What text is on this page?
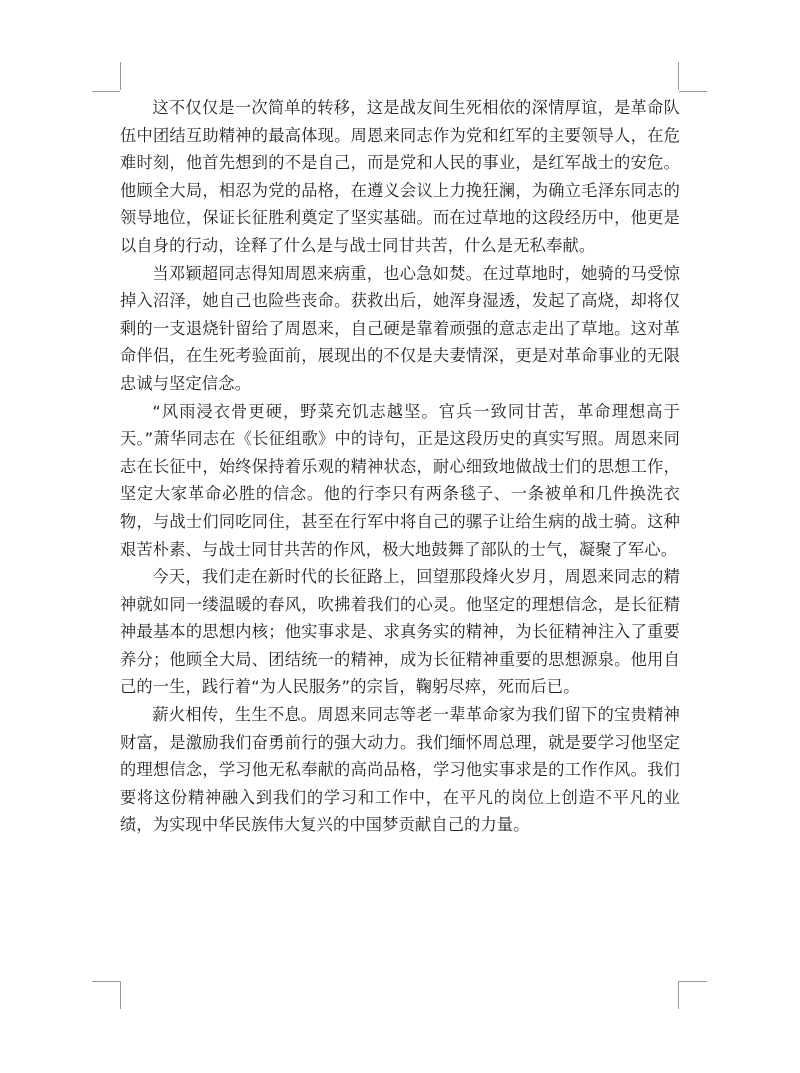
这不仅仅是一次简单的转移，这是战友间生死相依的深情厚谊，是革命队伍中团结互助精神的最高体现。周恩来同志作为党和红军的主要领导人，在危难时刻，他首先想到的不是自己，而是党和人民的事业，是红军战士的安危。他顾全大局，相忍为党的品格，在遵义会议上力挽狂澜，为确立毛泽东同志的领导地位，保证长征胜利奠定了坚实基础。而在过草地的这段经历中，他更是以自身的行动，诠释了什么是与战士同甘共苦，什么是无私奉献。

当邓颖超同志得知周恩来病重，也心急如焚。在过草地时，她骑的马受惊掉入沼泽，她自己也险些丧命。获救出后，她浑身湿透，发起了高烧，却将仅剩的一支退烧针留给了周恩来，自己硬是靠着顽强的意志走出了草地。这对革命伴侣，在生死考验面前，展现出的不仅是夫妻情深，更是对革命事业的无限忠诚与坚定信念。

“风雨浸衣骨更硬，野菜充饥志越坚。官兵一致同甘苦，革命理想高于天。”萧华同志在《长征组歌》中的诗句，正是这段历史的真实写照。周恩来同志在长征中，始终保持着乐观的精神状态，耐心细致地做战士们的思想工作，坚定大家革命必胜的信念。他的行李只有两条毯子、一条被单和几件换洗衣物，与战士们同吃同住，甚至在行军中将自己的骡子让给生病的战士骑。这种艰苦朴素、与战士同甘共苦的作风，极大地鼓舞了部队的士气，凝聚了军心。

今天，我们走在新时代的长征路上，回望那段烽火岁月，周恩来同志的精神就如同一缕温暖的春风，吹拂着我们的心灵。他坚定的理想信念，是长征精神最基本的思想内核；他实事求是、求真务实的精神，为长征精神注入了重要养分；他顾全大局、团结统一的精神，成为长征精神重要的思想源泉。他用自己的一生，践行着“为人民服务”的宗旨，鞠躬尽瘁，死而后已。

薪火相传，生生不息。周恩来同志等老一辈革命家为我们留下的宝贵精神财富，是激励我们奋勇前行的强大动力。我们缅怀周总理，就是要学习他坚定的理想信念，学习他无私奉献的高尚品格，学习他实事求是的工作作风。我们要将这份精神融入到我们的学习和工作中，在平凡的岗位上创造不平凡的业绩，为实现中华民族伟大复兴的中国梦贡献自己的力量。
